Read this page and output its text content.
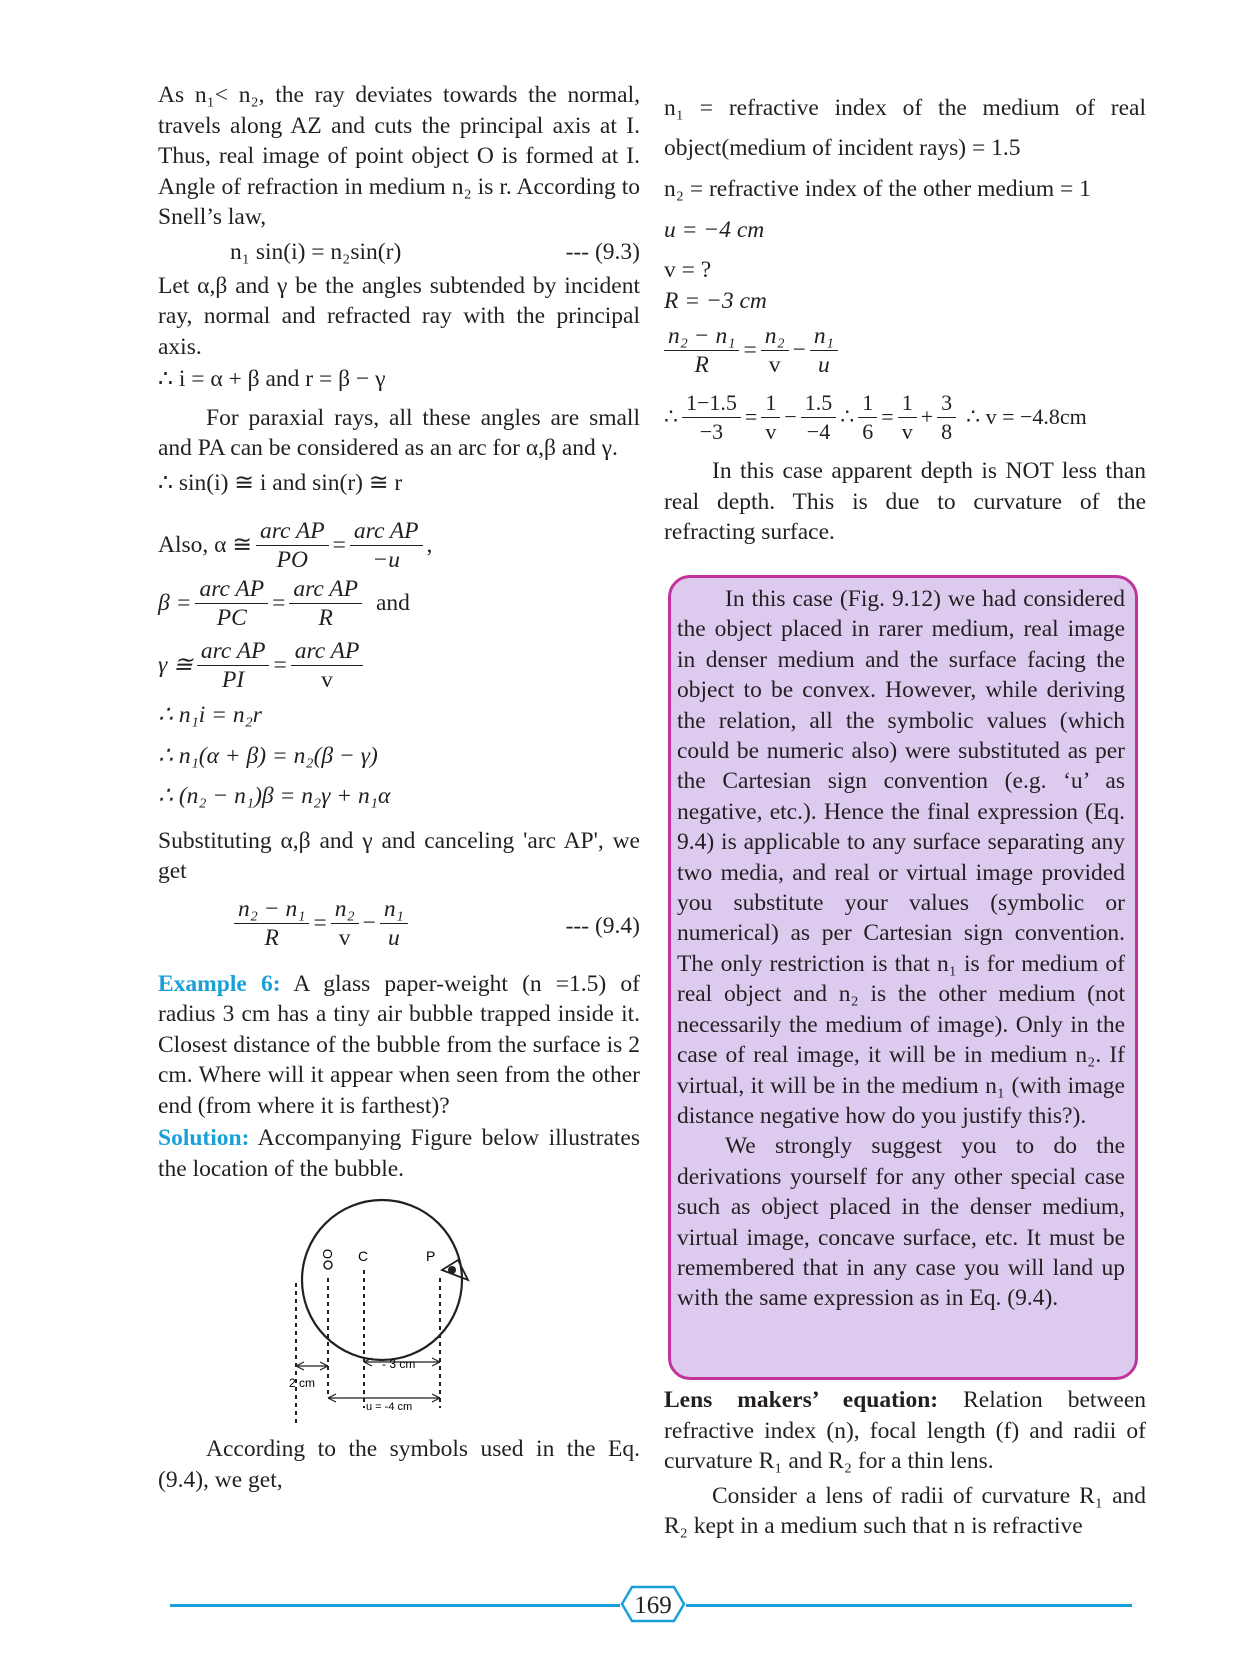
As n₁< n₂, the ray deviates towards the normal, travels along AZ and cuts the principal axis at I. Thus, real image of point object O is formed at I. Angle of refraction in medium n₂ is r. According to Snell’s law,

n₁ sin(i) = n₂sin(r)	--- (9.3)

Let α,β and γ be the angles subtended by incident ray, normal and refracted ray with the principal axis.

∴ i = α + β and r = β − γ

For paraxial rays, all these angles are small and PA can be considered as an arc for α,β and γ.

∴ sin(i) ≅ i and sin(r) ≅ r
Also, α ≅ $\frac{\text{arc AP}}{PO} = \frac{\text{arc AP}}{-u}$ ,
$\beta = \frac{\text{arc AP}}{PC} = \frac{\text{arc AP}}{R}$ and
γ ≅ $\frac{\text{arc AP}}{PI} = \frac{\text{arc AP}}{v}$
∴ n₁i = n₂r
∴ n₁(α + β) = n₂(β − γ)
∴ (n₂ − n₁)β = n₂γ + n₁α

Substituting α,β and γ and canceling 'arc AP', we get

$\frac{\text{n₂ − n₁}}{R} = \frac{\text{n₂}}{v} - \frac{\text{n₁}}{u}$	--- (9.4)

Example 6: A glass paper-weight (n =1.5) of radius 3 cm has a tiny air bubble trapped inside it. Closest distance of the bubble from the surface is 2 cm. Where will it appear when seen from the other end (from where it is farthest)?

Solution: Accompanying Figure below illustrates the location of the bubble.

O C	P
- 3 cm
2 cm
u = -4 cm

According to the symbols used in the Eq. (9.4), we get,

n₁ = refractive index of the medium of real object(medium of incident rays) = 1.5

n₂ = refractive index of the other medium = 1
u = −4 cm
v = ?
R = −3 cm
$\frac{\text{n₂ − n₁}}{R} = \frac{\text{n₂}}{v} - \frac{\text{n₁}}{u}$
∴ $\frac{1-1.5}{-3} = \frac{1}{v} - \frac{1.5}{-4}$ ∴ $\frac{1}{6} = \frac{1}{v} + \frac{3}{8}$ ∴ v = −4.8cm

In this case apparent depth is NOT less than real depth. This is due to curvature of the refracting surface.

In this case (Fig. 9.12) we had considered the object placed in rarer medium, real image in denser medium and the surface facing the object to be convex. However, while deriving the relation, all the symbolic values (which could be numeric also) were substituted as per the Cartesian sign convention (e.g. ‘u’ as negative, etc.). Hence the final expression (Eq. 9.4) is applicable to any surface separating any two media, and real or virtual image provided you substitute your values (symbolic or numerical) as per Cartesian sign convention. The only restriction is that n₁ is for medium of real object and n₂ is the other medium (not necessarily the medium of image). Only in the case of real image, it will be in medium n₂. If virtual, it will be in the medium n₁ (with image distance negative how do you justify this?).

We strongly suggest you to do the derivations yourself for any other special case such as object placed in the denser medium, virtual image, concave surface, etc. It must be remembered that in any case you will land up with the same expression as in Eq. (9.4).

Lens makers’ equation: Relation between refractive index (n), focal length (f) and radii of curvature R₁ and R₂ for a thin lens.

Consider a lens of radii of curvature R₁ and R₂ kept in a medium such that n is refractive

169
